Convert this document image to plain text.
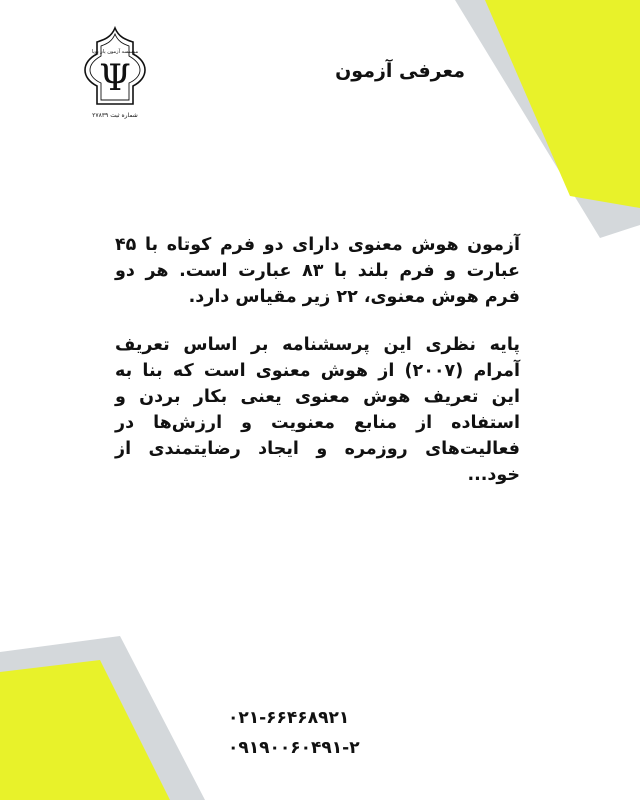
موسسه آزمون یار پویا
Ψ
شماره ثبت ۲۷۸۳۹
معرفی آزمون

آزمون هوش معنوی دارای دو فرم کوتاه با ۴۵ عبارت و فرم بلند با ۸۳ عبارت است. هر دو فرم هوش معنوی، ۲۲ زیر مقیاس دارد.

پایه نظری این پرسشنامه بر اساس تعریف آمرام (۲۰۰۷) از هوش معنوی است که بنا به این تعریف هوش معنوی یعنی بکار بردن و استفاده از منابع معنویت و ارزش‌ها در فعالیت‌های روزمره و ایجاد رضایتمندی از خود...

۰۲۱-۶۶۴۶۸۹۲۱
۰۹۱۹۰۰۶۰۴۹۱-۲
